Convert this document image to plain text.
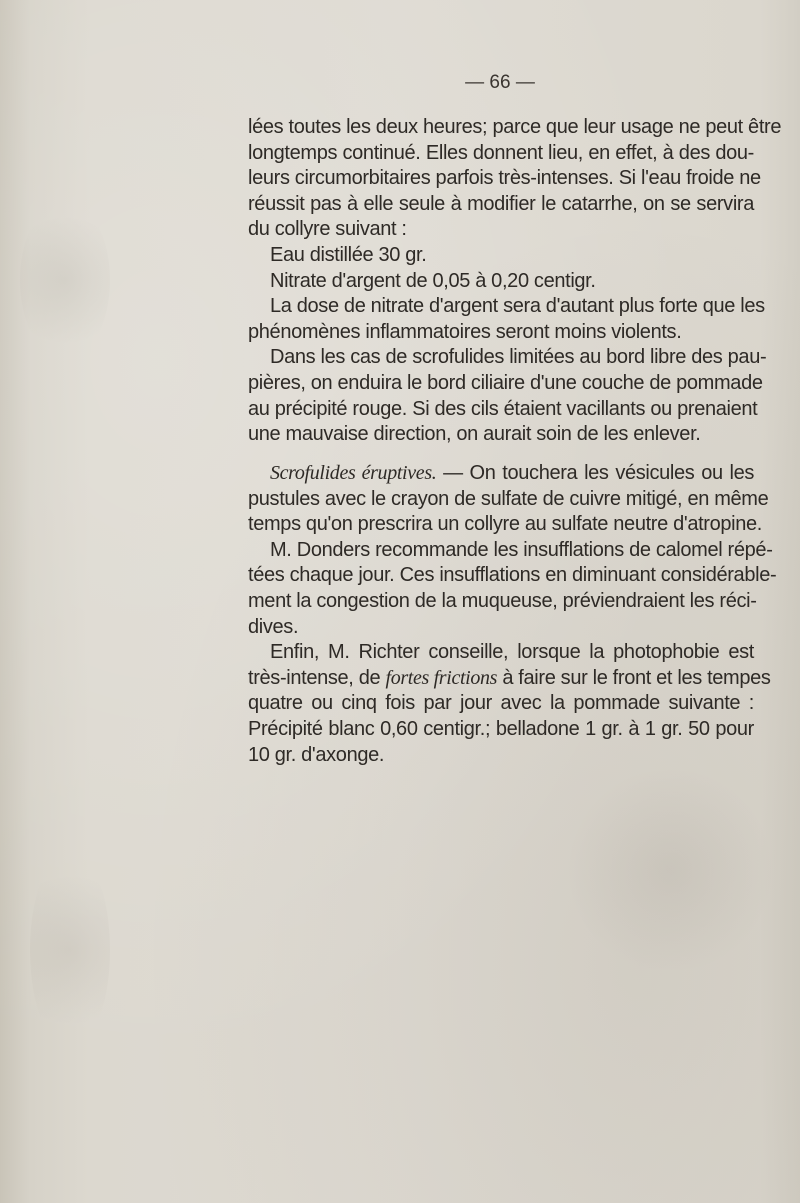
— 66 —
lées toutes les deux heures; parce que leur usage ne peut être
longtemps continué. Elles donnent lieu, en effet, à des dou-
leurs circumorbitaires parfois très-intenses. Si l'eau froide ne
réussit pas à elle seule à modifier le catarrhe, on se servira
du collyre suivant :
Eau distillée 30 gr.
Nitrate d'argent de 0,05 à 0,20 centigr.
La dose de nitrate d'argent sera d'autant plus forte que les
phénomènes inflammatoires seront moins violents.
Dans les cas de scrofulides limitées au bord libre des pau-
pières, on enduira le bord ciliaire d'une couche de pommade
au précipité rouge. Si des cils étaient vacillants ou prenaient
une mauvaise direction, on aurait soin de les enlever.
Scrofulides éruptives. — On touchera les vésicules ou les
pustules avec le crayon de sulfate de cuivre mitigé, en même
temps qu'on prescrira un collyre au sulfate neutre d'atropine.
M. Donders recommande les insufflations de calomel répé-
tées chaque jour. Ces insufflations en diminuant considérable-
ment la congestion de la muqueuse, préviendraient les réci-
dives.
Enfin, M. Richter conseille, lorsque la photophobie est
très-intense, de fortes frictions à faire sur le front et les tempes
quatre ou cinq fois par jour avec la pommade suivante :
Précipité blanc 0,60 centigr.; belladone 1 gr. à 1 gr. 50 pour
10 gr. d'axonge.
